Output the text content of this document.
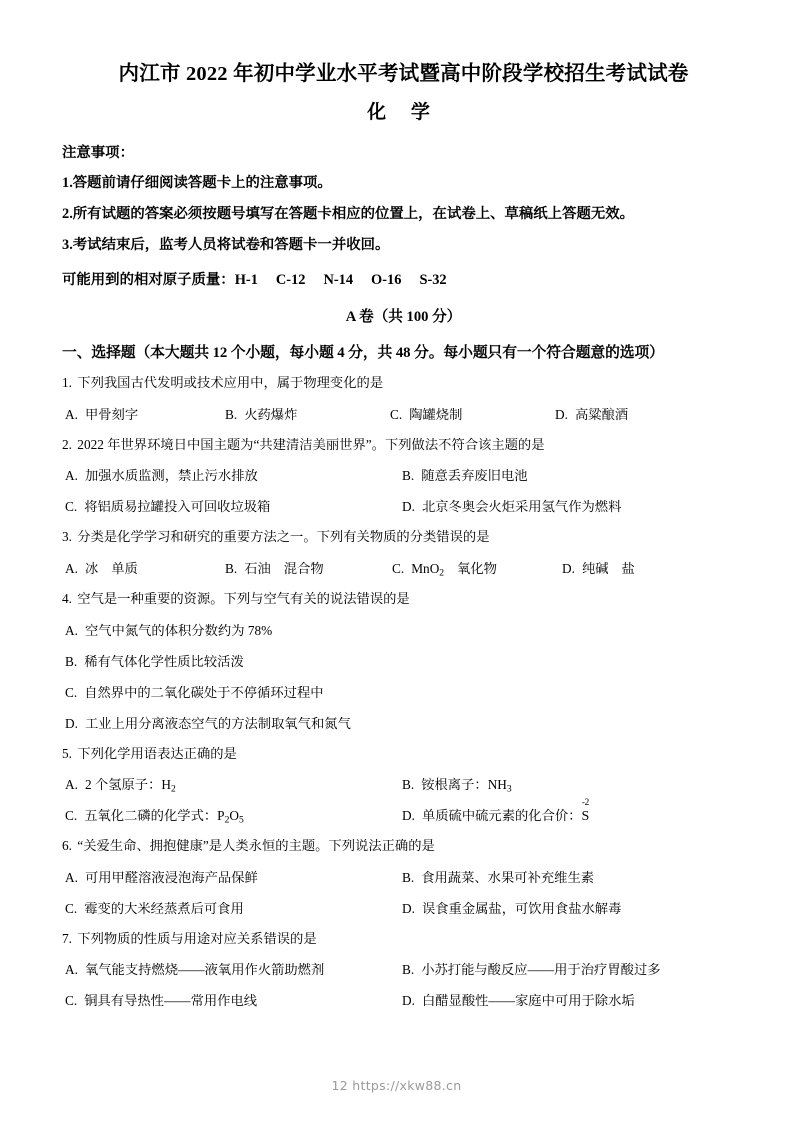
内江市 2022 年初中学业水平考试暨高中阶段学校招生考试试卷
化 学
注意事项：
1.答题前请仔细阅读答题卡上的注意事项。
2.所有试题的答案必须按题号填写在答题卡相应的位置上，在试卷上、草稿纸上答题无效。
3.考试结束后，监考人员将试卷和答题卡一并收回。
可能用到的相对原子质量：H-1 C-12 N-14 O-16 S-32
A 卷（共 100 分）
一、选择题（本大题共 12 个小题，每小题 4 分，共 48 分。每小题只有一个符合题意的选项）
1. 下列我国古代发明或技术应用中，属于物理变化的是
A. 甲骨刻字	B. 火药爆炸	C. 陶罐烧制	D. 高粱酿酒
2. 2022 年世界环境日中国主题为“共建清洁美丽世界”。下列做法不符合该主题的是
A. 加强水质监测，禁止污水排放	B. 随意丢弃废旧电池
C. 将铝质易拉罐投入可回收垃圾箱	D. 北京冬奥会火炬采用氢气作为燃料
3. 分类是化学学习和研究的重要方法之一。下列有关物质的分类错误的是
A. 冰 单质	B. 石油 混合物	C. MnO$_2$ 氧化物	D. 纯碱 盐
4. 空气是一种重要的资源。下列与空气有关的说法错误的是
A. 空气中氮气的体积分数约为 78%
B. 稀有气体化学性质比较活泼
C. 自然界中的二氧化碳处于不停循环过程中
D. 工业上用分离液态空气的方法制取氧气和氮气
5. 下列化学用语表达正确的是
A. 2 个氢原子：$H_2$	B. 铵根离子：$NH_3$
C. 五氧化二磷的化学式：$P_2O_5$	D. 单质硫中硫元素的化合价：
-2
S
6. “关爱生命、拥抱健康”是人类永恒的主题。下列说法正确的是
A. 可用甲醛溶液浸泡海产品保鲜	B. 食用蔬菜、水果可补充维生素
C. 霉变的大米经蒸煮后可食用	D. 误食重金属盐，可饮用食盐水解毒
7. 下列物质的性质与用途对应关系错误的是
A. 氧气能支持燃烧——液氧用作火箭助燃剂	B. 小苏打能与酸反应——用于治疗胃酸过多
C. 铜具有导热性——常用作电线	D. 白醋显酸性——家庭中可用于除水垢
12 https://xkw88.cn
